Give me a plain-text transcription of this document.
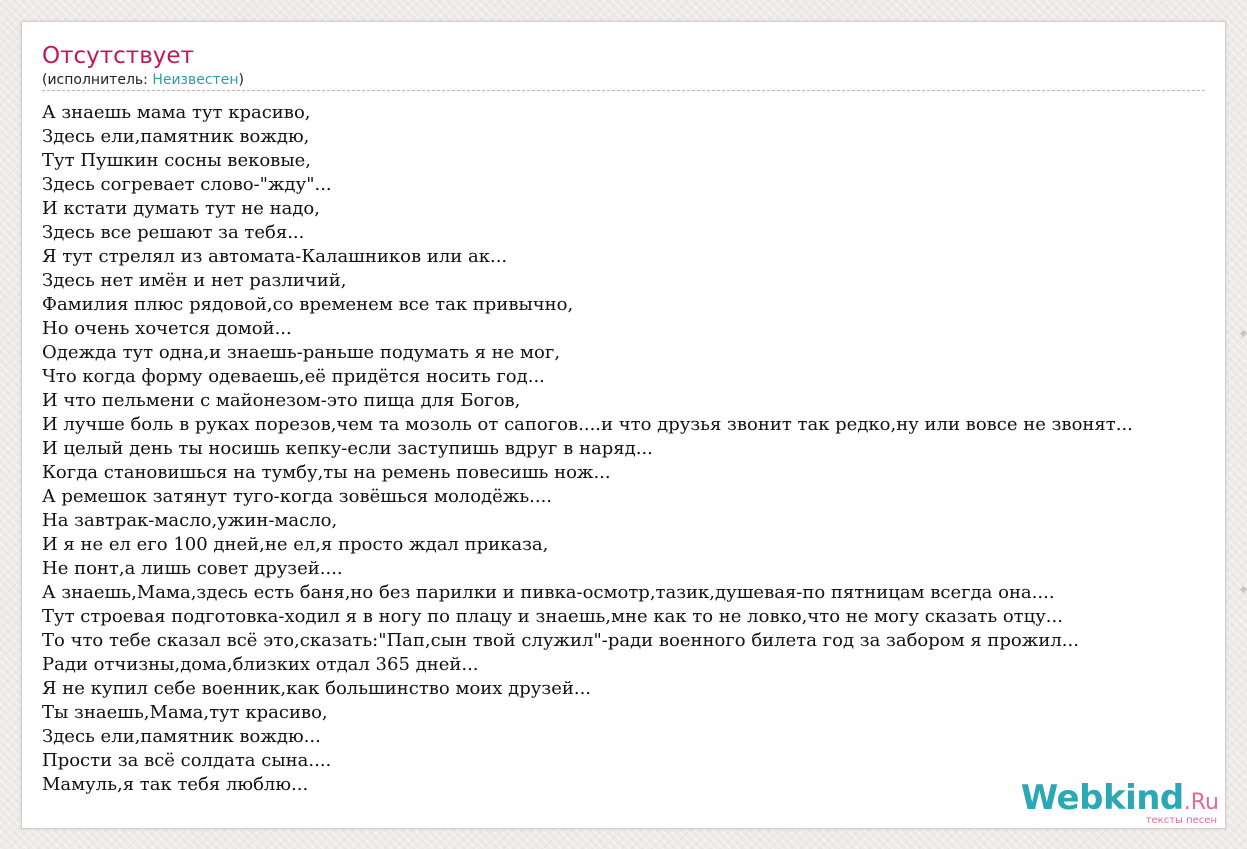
Отсутствует
(исполнитель: Неизвестен)
А знаешь мама тут красиво,
Здесь ели,памятник вождю,
Тут Пушкин сосны вековые,
Здесь согревает слово-"жду"...
И кстати думать тут не надо,
Здесь все решают за тебя...
Я тут стрелял из автомата-Калашников или ак...
Здесь нет имён и нет различий,
Фамилия плюс рядовой,со временем все так привычно,
Но очень хочется домой...
Одежда тут одна,и знаешь-раньше подумать я не мог,
Что когда форму одеваешь,её придётся носить год...
И что пельмени с майонезом-это пища для Богов,
И лучше боль в руках порезов,чем та мозоль от сапогов....и что друзья звонит так редко,ну или вовсе не звонят...
И целый день ты носишь кепку-если заступишь вдруг в наряд...
Когда становишься на тумбу,ты на ремень повесишь нож...
А ремешок затянут туго-когда зовёшься молодёжь....
На завтрак-масло,ужин-масло,
И я не ел его 100 дней,не ел,я просто ждал приказа,
Не понт,а лишь совет друзей....
А знаешь,Мама,здесь есть баня,но без парилки и пивка-осмотр,тазик,душевая-по пятницам всегда она....
Тут строевая подготовка-ходил я в ногу по плацу и знаешь,мне как то не ловко,что не могу сказать отцу...
То что тебе сказал всё это,сказать:"Пап,сын твой служил"-ради военного билета год за забором я прожил...
Ради отчизны,дома,близких отдал 365 дней...
Я не купил себе военник,как большинство моих друзей...
Ты знаешь,Мама,тут красиво,
Здесь ели,памятник вождю...
Прости за всё солдата сына....
Мамуль,я так тебя люблю...	Webkind.Ru
тексты песен
